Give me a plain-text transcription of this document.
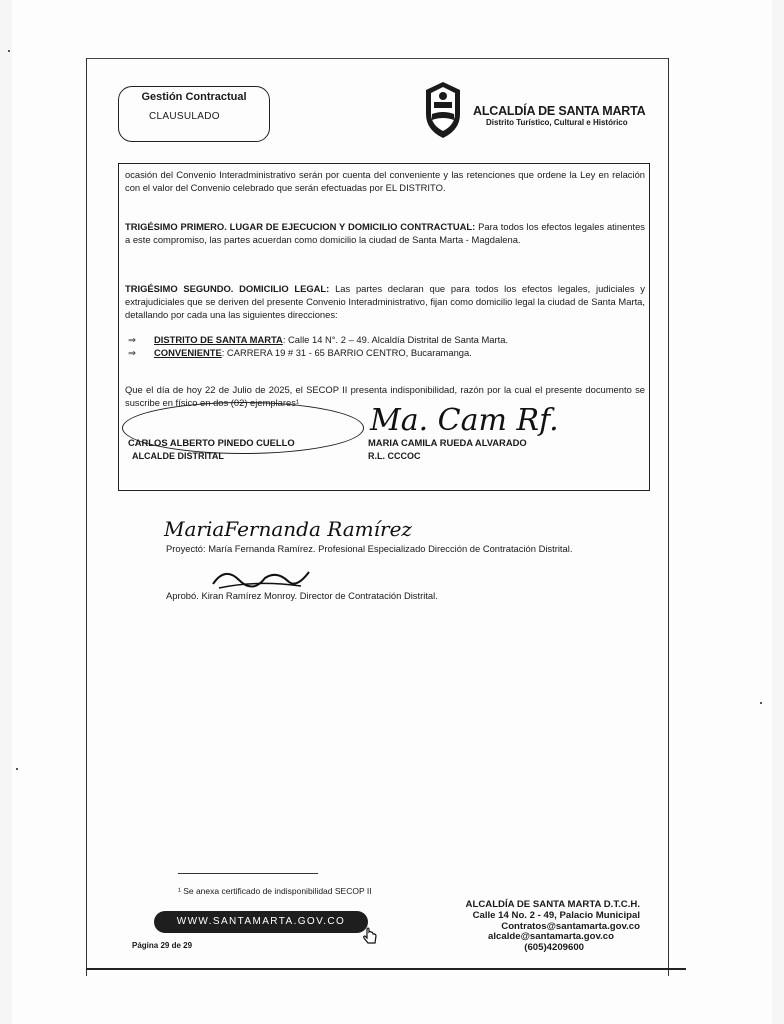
Gestión Contractual
CLAUSULADO	ALCALDÍA DE SANTA MARTA
Distrito Turístico, Cultural e Histórico
ocasión del Convenio Interadministrativo serán por cuenta del conveniente y las retenciones que ordene la Ley en relación con el valor del Convenio celebrado que serán efectuadas por EL DISTRITO.
TRIGÉSIMO PRIMERO. LUGAR DE EJECUCION Y DOMICILIO CONTRACTUAL: Para todos los efectos legales atinentes a este compromiso, las partes acuerdan como domicilio la ciudad de Santa Marta - Magdalena.
TRIGÉSIMO SEGUNDO. DOMICILIO LEGAL: Las partes declaran que para todos los efectos legales, judiciales y extrajudiciales que se deriven del presente Convenio Interadministrativo, fijan como domicilio legal la ciudad de Santa Marta, detallando por cada una las siguientes direcciones:
⇒ DISTRITO DE SANTA MARTA: Calle 14 N°. 2 – 49. Alcaldía Distrital de Santa Marta.
⇒ CONVENIENTE: CARRERA 19 # 31 - 65 BARRIO CENTRO, Bucaramanga.
Que el día de hoy 22 de Julio de 2025, el SECOP II presenta indisponibilidad, razón por la cual el presente documento se suscribe en físico en dos (02) ejemplares¹
CARLOS ALBERTO PINEDO CUELLO
ALCALDE DISTRITAL
Ma. Cam Rf.
MARIA CAMILA RUEDA ALVARADO
R.L. CCCOC
MariaFernanda Ramírez
Proyectó: María Fernanda Ramírez. Profesional Especializado Dirección de Contratación Distrital.
Aprobó. Kiran Ramírez Monroy. Director de Contratación Distrital.
¹ Se anexa certificado de indisponibilidad SECOP II
WWW.SANTAMARTA.GOV.CO
Página 29 de 29
ALCALDÍA DE SANTA MARTA D.T.C.H.
Calle 14 No. 2 - 49, Palacio Municipal
Contratos@santamarta.gov.co
alcalde@santamarta.gov.co
(605)4209600
